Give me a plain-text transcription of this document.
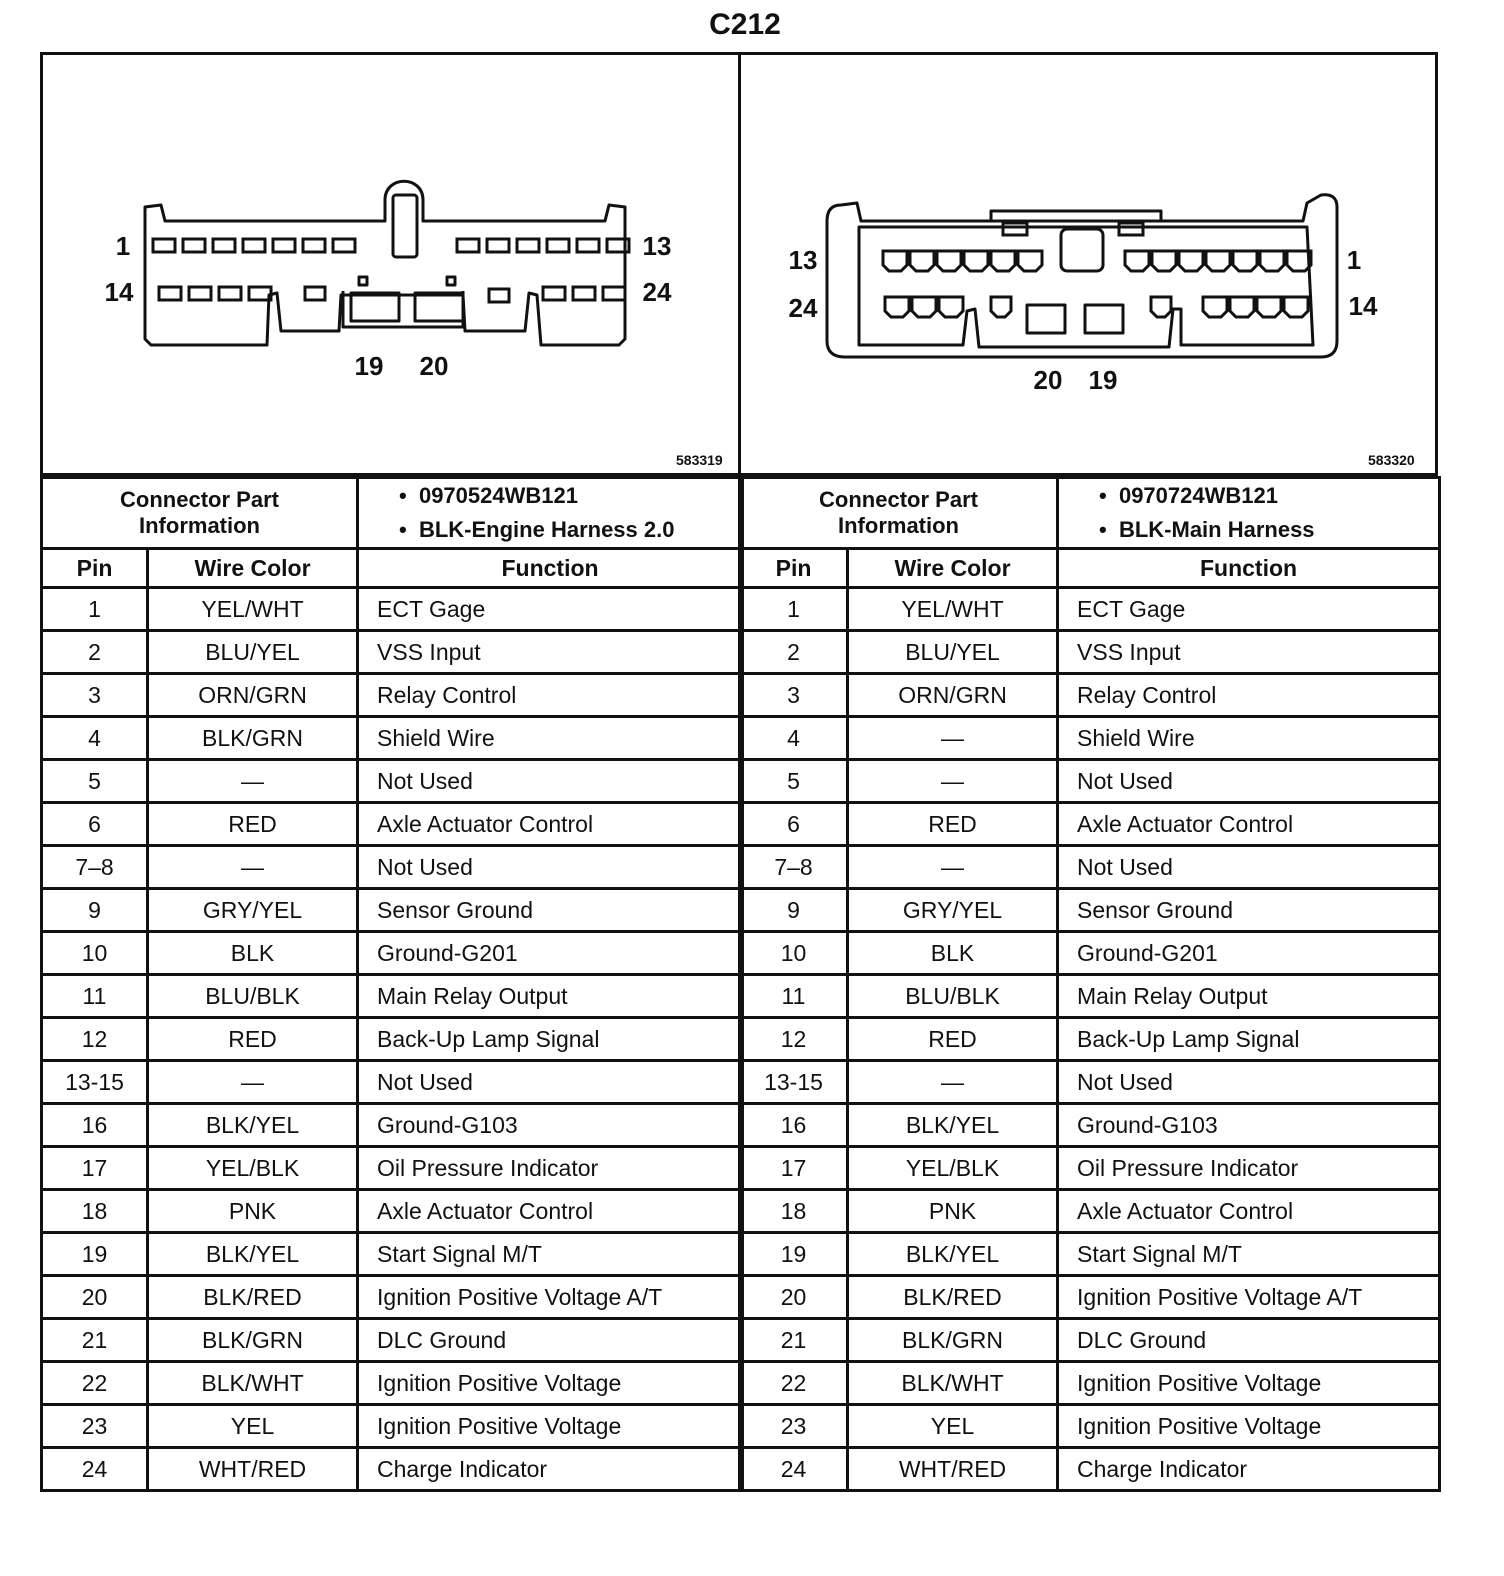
C212
1	13
14	24
19 20
13	1
24	14
20 19
583319	583320
Connector Part
Information		• 0970524WB121
• BLK-Engine Harness 2.0
Pin	Wire Color	Function
1	YEL/WHT	ECT Gage
2	BLU/YEL	VSS Input
3	ORN/GRN	Relay Control
4	BLK/GRN	Shield Wire
5	—	Not Used
6	RED	Axle Actuator Control
7–8	—	Not Used
9	GRY/YEL	Sensor Ground
10	BLK	Ground-G201
11	BLU/BLK	Main Relay Output
12	RED	Back-Up Lamp Signal
13-15	—	Not Used
16	BLK/YEL	Ground-G103
17	YEL/BLK	Oil Pressure Indicator
18	PNK	Axle Actuator Control
19	BLK/YEL	Start Signal M/T
20	BLK/RED	Ignition Positive Voltage A/T
21	BLK/GRN	DLC Ground
22	BLK/WHT	Ignition Positive Voltage
23	YEL	Ignition Positive Voltage
24	WHT/RED	Charge Indicator
Connector Part
Information		• 0970724WB121
• BLK-Main Harness
Pin	Wire Color	Function
1	YEL/WHT	ECT Gage
2	BLU/YEL	VSS Input
3	ORN/GRN	Relay Control
4	—	Shield Wire
5	—	Not Used
6	RED	Axle Actuator Control
7–8	—	Not Used
9	GRY/YEL	Sensor Ground
10	BLK	Ground-G201
11	BLU/BLK	Main Relay Output
12	RED	Back-Up Lamp Signal
13-15	—	Not Used
16	BLK/YEL	Ground-G103
17	YEL/BLK	Oil Pressure Indicator
18	PNK	Axle Actuator Control
19	BLK/YEL	Start Signal M/T
20	BLK/RED	Ignition Positive Voltage A/T
21	BLK/GRN	DLC Ground
22	BLK/WHT	Ignition Positive Voltage
23	YEL	Ignition Positive Voltage
24	WHT/RED	Charge Indicator
